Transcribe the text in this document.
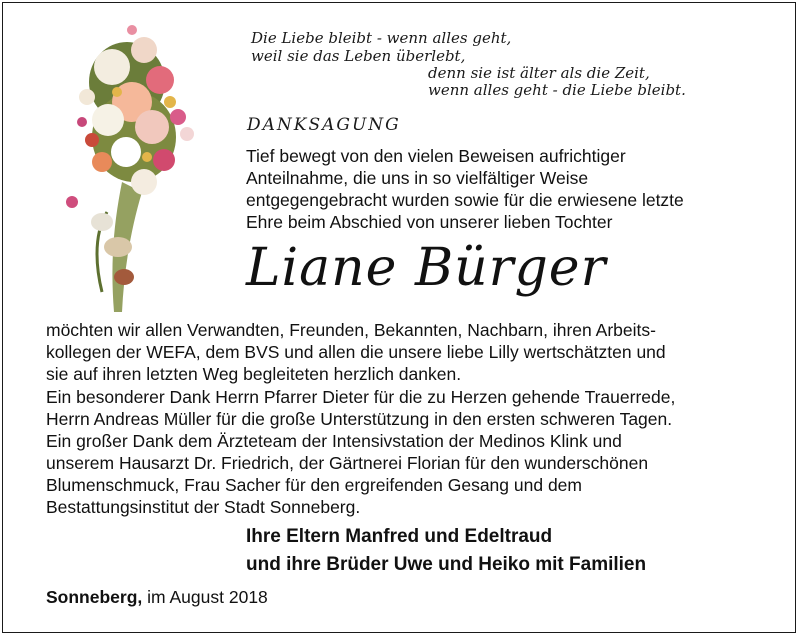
Die Liebe bleibt - wenn alles geht,
weil sie das Leben überlebt,
denn sie ist älter als die Zeit,
wenn alles geht - die Liebe bleibt.
DANKSAGUNG
Tief bewegt von den vielen Beweisen aufrichtiger
Anteilnahme, die uns in so vielfältiger Weise
entgegengebracht wurden sowie für die erwiesene letzte
Ehre beim Abschied von unserer lieben Tochter
Liane Bürger
möchten wir allen Verwandten, Freunden, Bekannten, Nachbarn, ihren Arbeits-
kollegen der WEFA, dem BVS und allen die unsere liebe Lilly wertschätzten und
sie auf ihren letzten Weg begleiteten herzlich danken.
Ein besonderer Dank Herrn Pfarrer Dieter für die zu Herzen gehende Trauerrede,
Herrn Andreas Müller für die große Unterstützung in den ersten schweren Tagen.
Ein großer Dank dem Ärzteteam der Intensivstation der Medinos Klink und
unserem Hausarzt Dr. Friedrich, der Gärtnerei Florian für den wunderschönen
Blumenschmuck, Frau Sacher für den ergreifenden Gesang und dem
Bestattungsinstitut der Stadt Sonneberg.
Ihre Eltern Manfred und Edeltraud
und ihre Brüder Uwe und Heiko mit Familien
Sonneberg, im August 2018
